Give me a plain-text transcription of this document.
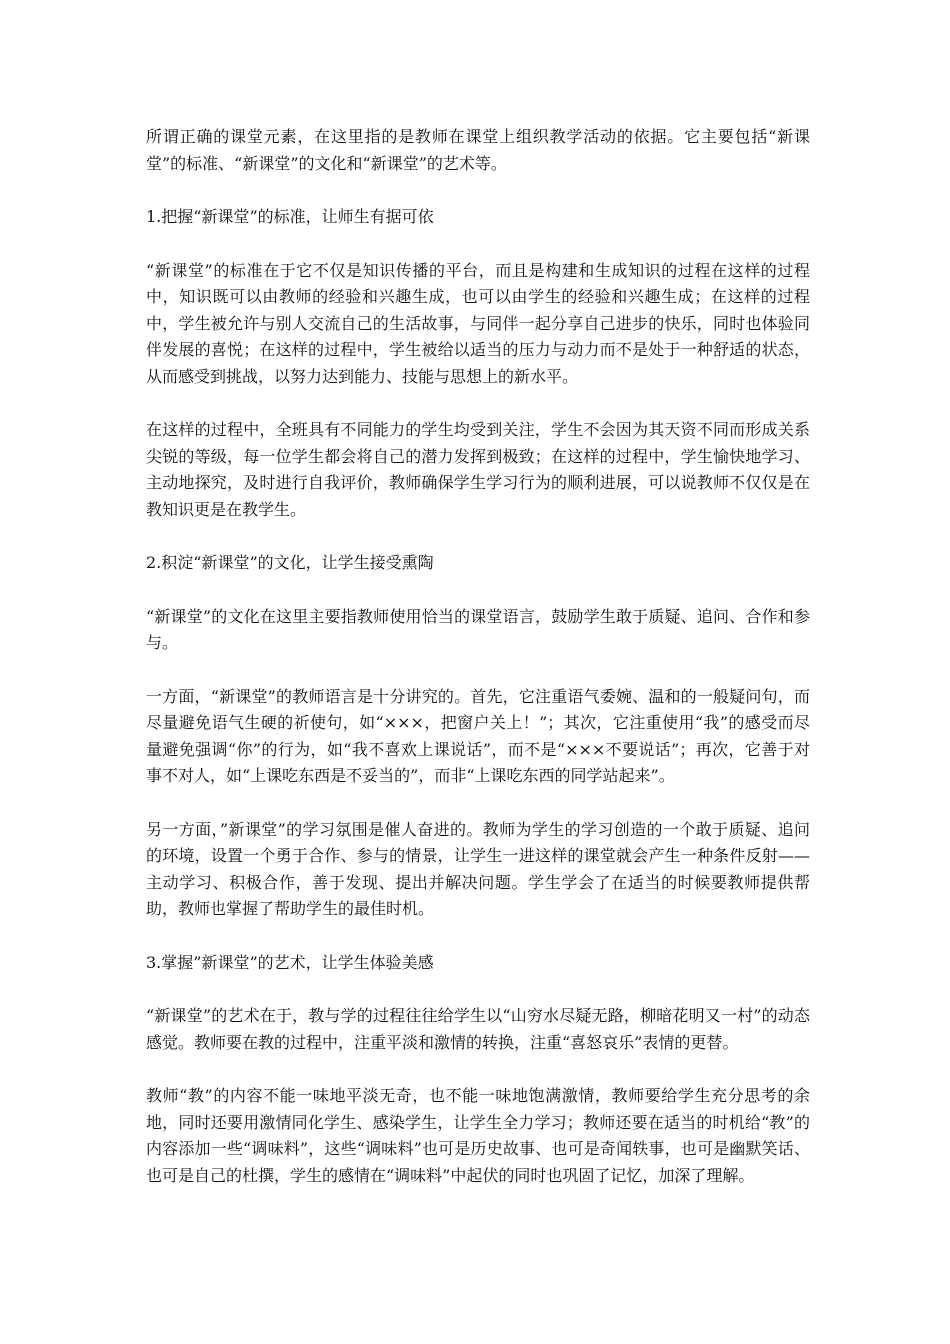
所谓正确的课堂元素，在这里指的是教师在课堂上组织教学活动的依据。它主要包括“新课堂”的标准、“新课堂”的文化和“新课堂”的艺术等。

1.把握“新课堂”的标准，让师生有据可依

“新课堂”的标准在于它不仅是知识传播的平台，而且是构建和生成知识的过程在这样的过程中，知识既可以由教师的经验和兴趣生成，也可以由学生的经验和兴趣生成；在这样的过程中，学生被允许与别人交流自己的生活故事，与同伴一起分享自己进步的快乐，同时也体验同伴发展的喜悦；在这样的过程中，学生被给以适当的压力与动力而不是处于一种舒适的状态，从而感受到挑战，以努力达到能力、技能与思想上的新水平。

在这样的过程中，全班具有不同能力的学生均受到关注，学生不会因为其天资不同而形成关系尖锐的等级，每一位学生都会将自己的潜力发挥到极致；在这样的过程中，学生愉快地学习、主动地探究，及时进行自我评价，教师确保学生学习行为的顺利进展，可以说教师不仅仅是在教知识更是在教学生。

2.积淀“新课堂”的文化，让学生接受熏陶

“新课堂”的文化在这里主要指教师使用恰当的课堂语言，鼓励学生敢于质疑、追问、合作和参与。

一方面，“新课堂”的教师语言是十分讲究的。首先，它注重语气委婉、温和的一般疑问句，而尽量避免语气生硬的祈使句，如“×××，把窗户关上！”；其次，它注重使用“我”的感受而尽量避免强调“你”的行为，如“我不喜欢上课说话”，而不是“×××不要说话”；再次，它善于对事不对人，如“上课吃东西是不妥当的”，而非“上课吃东西的同学站起来”。

另一方面，”新课堂”的学习氛围是催人奋进的。教师为学生的学习创造的一个敢于质疑、追问的环境，设置一个勇于合作、参与的情景，让学生一进这样的课堂就会产生一种条件反射——主动学习、积极合作，善于发现、提出并解决问题。学生学会了在适当的时候要教师提供帮助，教师也掌握了帮助学生的最佳时机。

3.掌握”新课堂”的艺术，让学生体验美感

“新课堂”的艺术在于，教与学的过程往往给学生以“山穷水尽疑无路，柳暗花明又一村”的动态感觉。教师要在教的过程中，注重平淡和激情的转换，注重“喜怒哀乐”表情的更替。

教师“教”的内容不能一味地平淡无奇，也不能一味地饱满激情，教师要给学生充分思考的余地，同时还要用激情同化学生、感染学生，让学生全力学习；教师还要在适当的时机给“教”的内容添加一些“调味料”，这些“调味料”也可是历史故事、也可是奇闻轶事，也可是幽默笑话、也可是自己的杜撰，学生的感情在“调味料”中起伏的同时也巩固了记忆，加深了理解。
